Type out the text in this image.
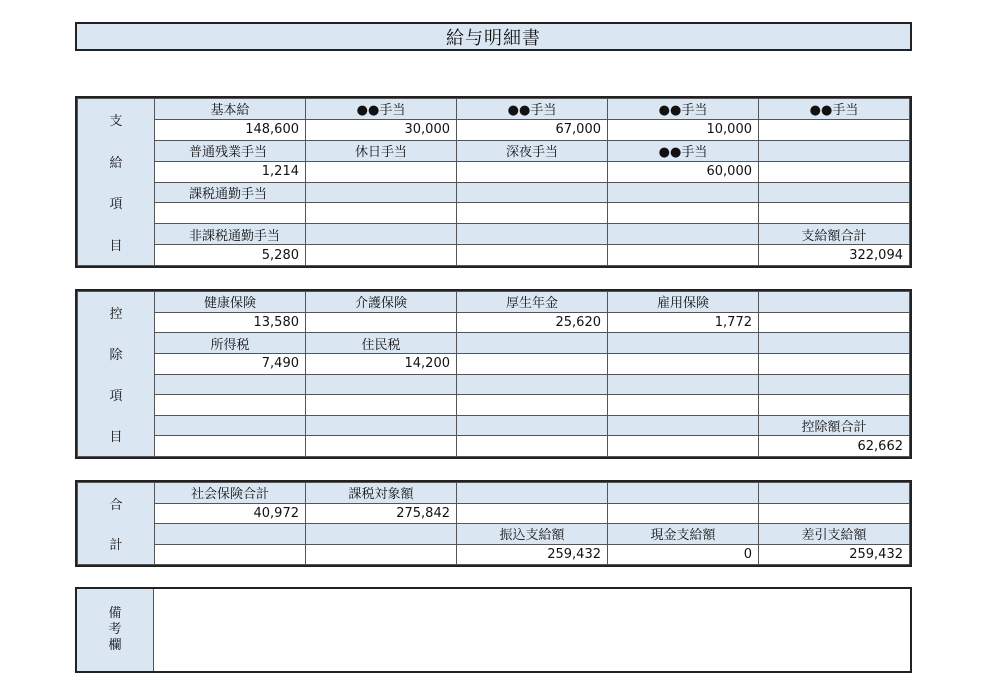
給与明細書
支
給
項
目	基本給	●●手当	●●手当	●●手当	●●手当
	148,600	30,000	67,000	10,000	
	普通残業手当	休日手当	深夜手当	●●手当	
	1,214			60,000	
	課税通勤手当				

	非課税通勤手当				支給額合計
	5,280				322,094
控
除
項
目	健康保険	介護保険	厚生年金	雇用保険	
	13,580		25,620	1,772	
	所得税	住民税			
	7,490	14,200			

					控除額合計
					62,662
合
計	社会保険合計	課税対象額			
	40,972	275,842			
			振込支給額	現金支給額	差引支給額
			259,432	0	259,432
備
考
欄
